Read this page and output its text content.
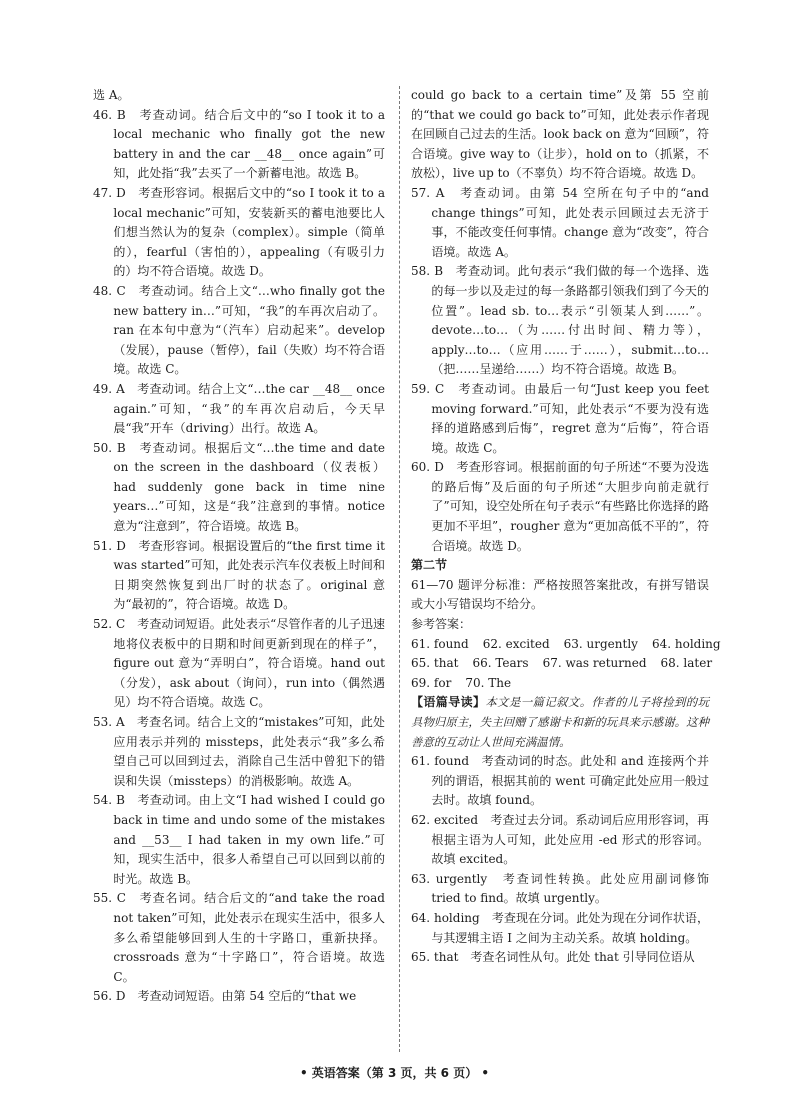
选 A。

46. B　考查动词。结合后文中的“so I took it to a local mechanic who finally got the new battery in and the car __48__ once again”可知，此处指“我”去买了一个新蓄电池。故选 B。

47. D　考查形容词。根据后文中的“so I took it to a local mechanic”可知，安装新买的蓄电池要比人们想当然认为的复杂（complex）。simple（简单的），fearful（害怕的），appealing（有吸引力的）均不符合语境。故选 D。

48. C　考查动词。结合上文“…who finally got the new battery in…”可知，“我”的车再次启动了。ran 在本句中意为“（汽车）启动起来”。develop（发展），pause（暂停），fail（失败）均不符合语境。故选 C。

49. A　考查动词。结合上文“…the car __48__ once again.”可知，“我”的车再次启动后，今天早晨“我”开车（driving）出行。故选 A。

50. B　考查动词。根据后文“…the time and date on the screen in the dashboard（仪表板）had suddenly gone back in time nine years…”可知，这是“我”注意到的事情。notice 意为“注意到”，符合语境。故选 B。

51. D　考查形容词。根据设置后的“the first time it was started”可知，此处表示汽车仪表板上时间和日期突然恢复到出厂时的状态了。original 意为“最初的”，符合语境。故选 D。

52. C　考查动词短语。此处表示“尽管作者的儿子迅速地将仪表板中的日期和时间更新到现在的样子”，figure out 意为“弄明白”，符合语境。hand out（分发），ask about（询问），run into（偶然遇见）均不符合语境。故选 C。

53. A　考查名词。结合上文的“mistakes”可知，此处应用表示并列的 missteps，此处表示“我”多么希望自己可以回到过去，消除自己生活中曾犯下的错误和失误（missteps）的消极影响。故选 A。

54. B　考查动词。由上文“I had wished I could go back in time and undo some of the mistakes and __53__ I had taken in my own life.”可知，现实生活中，很多人希望自己可以回到以前的时光。故选 B。

55. C　考查名词。结合后文的“and take the road not taken”可知，此处表示在现实生活中，很多人多么希望能够回到人生的十字路口，重新抉择。crossroads 意为“十字路口”，符合语境。故选 C。

56. D　考查动词短语。由第 54 空后的“that we

could go back to a certain time”及第 55 空前的“that we could go back to”可知，此处表示作者现在回顾自己过去的生活。look back on 意为“回顾”，符合语境。give way to（让步），hold on to（抓紧，不放松），live up to（不辜负）均不符合语境。故选 D。

57. A　考查动词。由第 54 空所在句子中的“and change things”可知，此处表示回顾过去无济于事，不能改变任何事情。change 意为“改变”，符合语境。故选 A。

58. B　考查动词。此句表示“我们做的每一个选择、选的每一步以及走过的每一条路都引领我们到了今天的位置”。lead sb. to…表示“引领某人到……”。devote…to…（为……付出时间、精力等），apply…to…（应用……于……），submit…to…（把……呈递给……）均不符合语境。故选 B。

59. C　考查动词。由最后一句“Just keep you feet moving forward.”可知，此处表示“不要为没有选择的道路感到后悔”，regret 意为“后悔”，符合语境。故选 C。

60. D　考查形容词。根据前面的句子所述“不要为没选的路后悔”及后面的句子所述“大胆步向前走就行了”可知，设空处所在句子表示“有些路比你选择的路更加不平坦”，rougher 意为“更加高低不平的”，符合语境。故选 D。

第二节

61—70 题评分标准：严格按照答案批改，有拼写错误或大小写错误均不给分。

参考答案：

61. found 62. excited 63. urgently 64. holding
65. that 66. Tears 67. was returned 68. later
69. for 70. The

【语篇导读】本文是一篇记叙文。作者的儿子将捡到的玩具物归原主，失主回赠了感谢卡和新的玩具来示感谢。这种善意的互动让人世间充满温情。

61. found　考查动词的时态。此处和 and 连接两个并列的谓语，根据其前的 went 可确定此处应用一般过去时。故填 found。

62. excited　考查过去分词。系动词后应用形容词，再根据主语为人可知，此处应用 -ed 形式的形容词。故填 excited。

63. urgently　考查词性转换。此处应用副词修饰 tried to find。故填 urgently。

64. holding　考查现在分词。此处为现在分词作状语，与其逻辑主语 I 之间为主动关系。故填 holding。

65. that　考查名词性从句。此处 that 引导同位语从

• 英语答案（第 3 页，共 6 页） •
